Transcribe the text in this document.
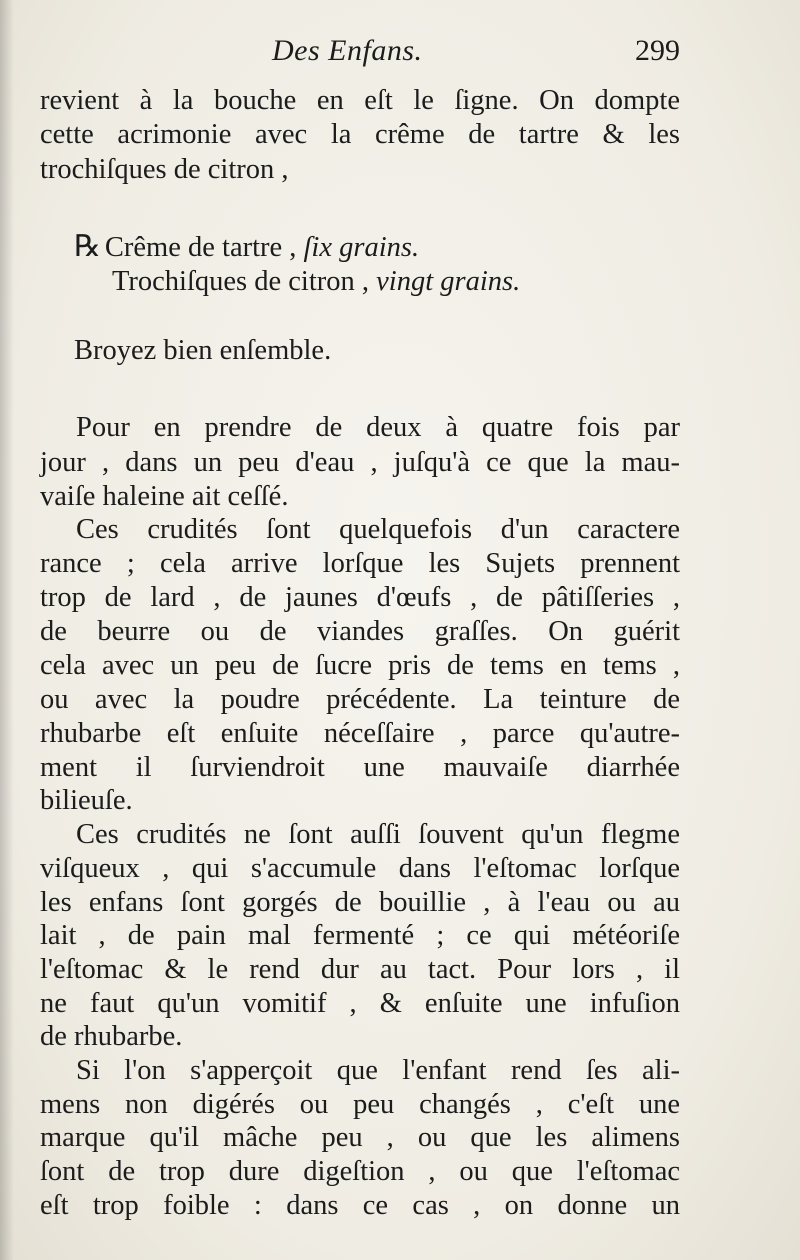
Des Enfans.	299
revient à la bouche en eſt le ſigne. On dompte
cette acrimonie avec la crême de tartre & les
trochiſques de citron ,
℞ Crême de tartre , ſix grains.
Trochiſques de citron , vingt grains.
Broyez bien enſemble.
Pour en prendre de deux à quatre fois par
jour , dans un peu d'eau , juſqu'à ce que la mau-
vaiſe haleine ait ceſſé.
Ces crudités ſont quelquefois d'un caractere
rance ; cela arrive lorſque les Sujets prennent
trop de lard , de jaunes d'œufs , de pâtiſſeries ,
de beurre ou de viandes graſſes. On guérit
cela avec un peu de ſucre pris de tems en tems ,
ou avec la poudre précédente. La teinture de
rhubarbe eſt enſuite néceſſaire , parce qu'autre-
ment il ſurviendroit une mauvaiſe diarrhée
bilieuſe.
Ces crudités ne ſont auſſi ſouvent qu'un flegme
viſqueux , qui s'accumule dans l'eſtomac lorſque
les enfans ſont gorgés de bouillie , à l'eau ou au
lait , de pain mal fermenté ; ce qui météoriſe
l'eſtomac & le rend dur au tact. Pour lors , il
ne faut qu'un vomitif , & enſuite une infuſion
de rhubarbe.
Si l'on s'apperçoit que l'enfant rend ſes ali-
mens non digérés ou peu changés , c'eſt une
marque qu'il mâche peu , ou que les alimens
ſont de trop dure digeſtion , ou que l'eſtomac
eſt trop foible : dans ce cas , on donne un
